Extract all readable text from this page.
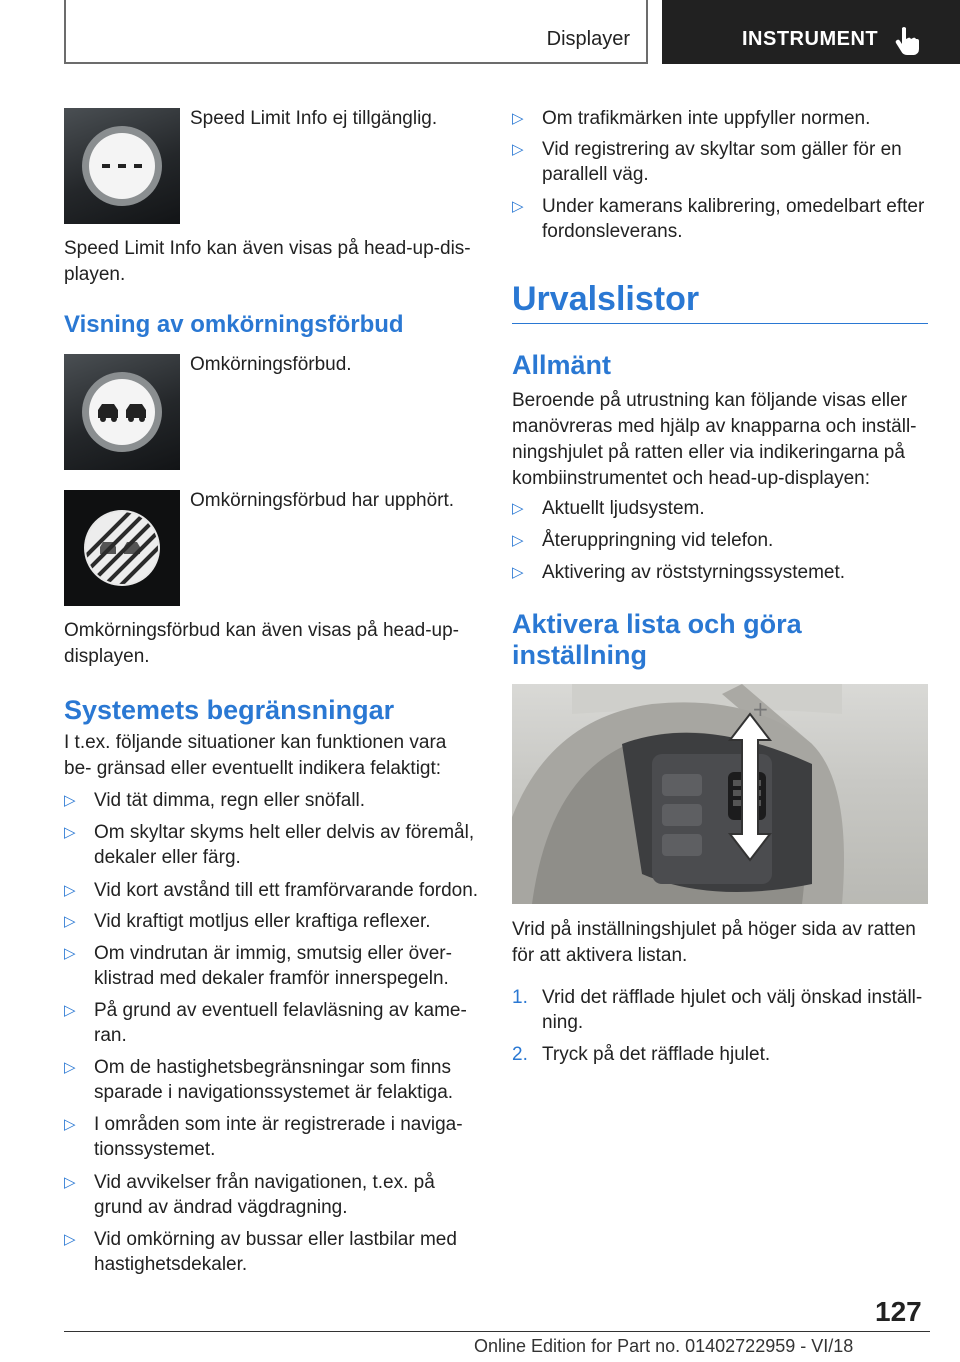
Displayer	INSTRUMENT
Speed Limit Info ej tillgänglig.

Speed Limit Info kan även visas på head-up-dis- playen.

Visning av omkörningsförbud
Omkörningsförbud.
Omkörningsförbud har upphört.

Omkörningsförbud kan även visas på head-up- displayen.

Systemets begränsningar

I t.ex. följande situationer kan funktionen vara be- gränsad eller eventuellt indikera felaktigt:

▷ Vid tät dimma, regn eller snöfall.
▷ Om skyltar skyms helt eller delvis av föremål, dekaler eller färg.
▷ Vid kort avstånd till ett framförvarande fordon.
▷ Vid kraftigt motljus eller kraftiga reflexer.
▷ Om vindrutan är immig, smutsig eller över- klistrad med dekaler framför innerspegeln.
▷ På grund av eventuell felavläsning av kame- ran.
▷ Om de hastighetsbegränsningar som finns sparade i navigationssystemet är felaktiga.
▷ I områden som inte är registrerade i naviga- tionssystemet.
▷ Vid avvikelser från navigationen, t.ex. på grund av ändrad vägdragning.
▷ Vid omkörning av bussar eller lastbilar med hastighetsdekaler.
▷ Om trafikmärken inte uppfyller normen.
▷ Vid registrering av skyltar som gäller för en parallell väg.
▷ Under kamerans kalibrering, omedelbart efter fordonsleverans.
Urvalslistor
Allmänt

Beroende på utrustning kan följande visas eller manövreras med hjälp av knapparna och inställ- ningshjulet på ratten eller via indikeringarna på kombiinstrumentet och head-up-displayen:

▷ Aktuellt ljudsystem.
▷ Återuppringning vid telefon.
▷ Aktivering av röststyrningssystemet.
Aktivera lista och göra
inställning
+

Vrid på inställningshjulet på höger sida av ratten för att aktivera listan.

1. Vrid det räfflade hjulet och välj önskad inställ- ning.
2. Tryck på det räfflade hjulet.
127
Online Edition for Part no. 01402722959 - VI/18
